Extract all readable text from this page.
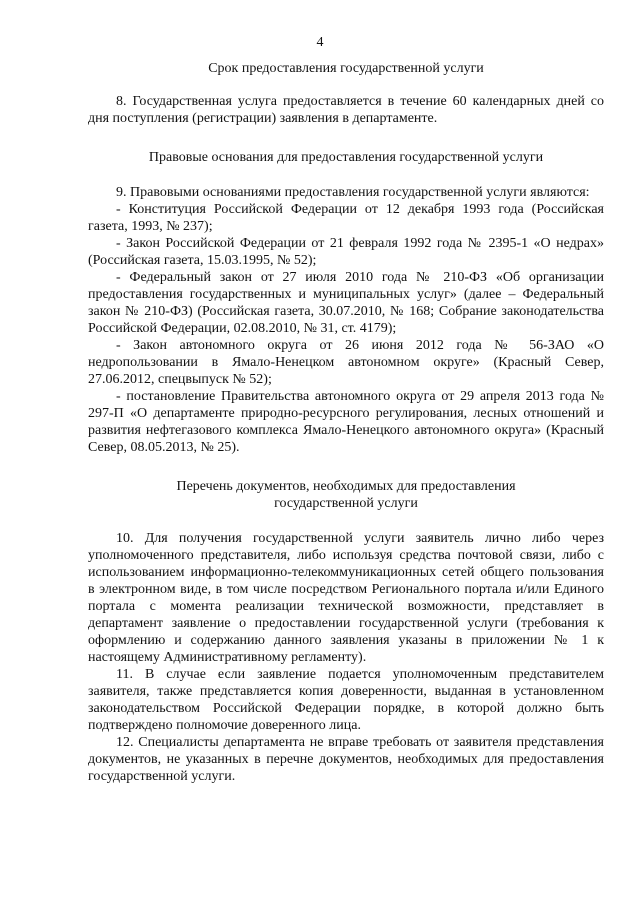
4

Срок предоставления государственной услуги

8. Государственная услуга предоставляется в течение 60 календарных дней со дня поступления (регистрации) заявления в департаменте.

Правовые основания для предоставления государственной услуги

9. Правовыми основаниями предоставления государственной услуги являются:

- Конституция Российской Федерации от 12 декабря 1993 года (Российская газета, 1993, № 237);

- Закон Российской Федерации от 21 февраля 1992 года № 2395-1 «О недрах» (Российская газета, 15.03.1995, № 52);

- Федеральный закон от 27 июля 2010 года № 210-ФЗ «Об организации предоставления государственных и муниципальных услуг» (далее – Федеральный закон № 210-ФЗ) (Российская газета, 30.07.2010, № 168; Собрание законодательства Российской Федерации, 02.08.2010, № 31, ст. 4179);

- Закон автономного округа от 26 июня 2012 года № 56-ЗАО «О недропользовании в Ямало-Ненецком автономном округе» (Красный Север, 27.06.2012, спецвыпуск № 52);

- постановление Правительства автономного округа от 29 апреля 2013 года № 297-П «О департаменте природно-ресурсного регулирования, лесных отношений и развития нефтегазового комплекса Ямало-Ненецкого автономного округа» (Красный Север, 08.05.2013, № 25).

Перечень документов, необходимых для предоставления

государственной услуги

10. Для получения государственной услуги заявитель лично либо через уполномоченного представителя, либо используя средства почтовой связи, либо с использованием информационно-телекоммуникационных сетей общего пользования в электронном виде, в том числе посредством Регионального портала и/или Единого портала с момента реализации технической возможности, представляет в департамент заявление о предоставлении государственной услуги (требования к оформлению и содержанию данного заявления указаны в приложении № 1 к настоящему Административному регламенту).

11. В случае если заявление подается уполномоченным представителем заявителя, также представляется копия доверенности, выданная в установленном законодательством Российской Федерации порядке, в которой должно быть подтверждено полномочие доверенного лица.

12. Специалисты департамента не вправе требовать от заявителя представления документов, не указанных в перечне документов, необходимых для предоставления государственной услуги.
